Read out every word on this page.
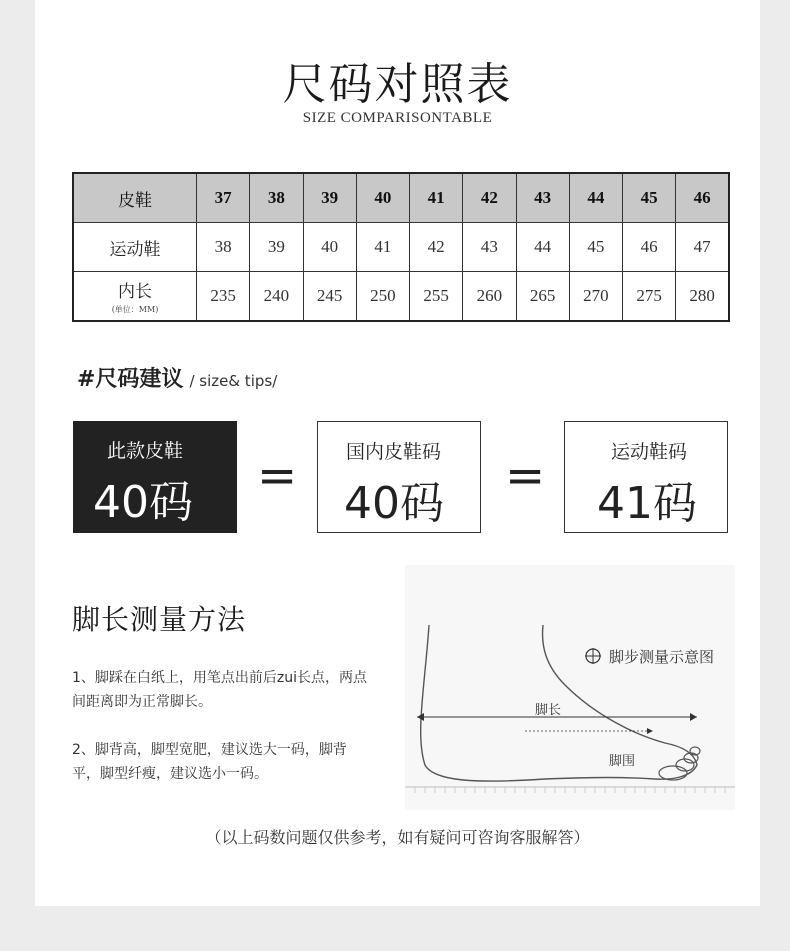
尺码对照表
SIZE COMPARISONTABLE
皮鞋	37	38	39	40	41	42	43	44	45	46
运动鞋	38	39	40	41	42	43	44	45	46	47
内长
(单位：MM)	235	240	245	250	255	260	265	270	275	280
#尺码建议 / size& tips/
此款皮鞋
40码 =	国内皮鞋码
40码 =	运动鞋码
41码
脚长测量方法
1、脚踩在白纸上，用笔点出前后zui长点，两点间距离即为正常脚长。
2、脚背高，脚型宽肥，建议选大一码，脚背平，脚型纤瘦，建议选小一码。
脚步测量示意图
脚长
脚围
（以上码数问题仅供参考，如有疑问可咨询客服解答）
